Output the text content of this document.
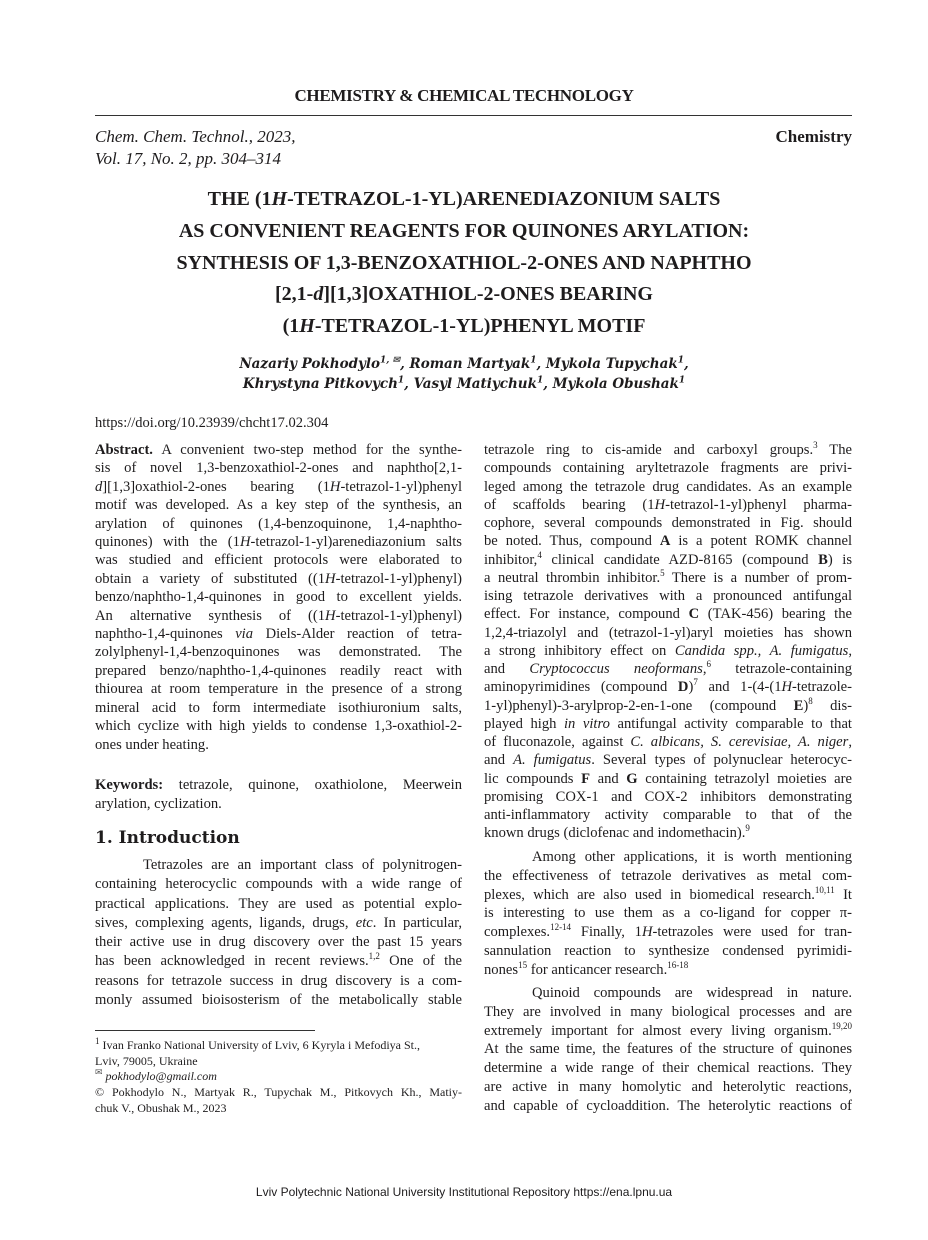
CHEMISTRY & CHEMICAL TECHNOLOGY
Chem. Chem. Technol., 2023,
Vol. 17, No. 2, pp. 304–314
Chemistry
THE (1H-TETRAZOL-1-YL)ARENEDIAZONIUM SALTS
AS CONVENIENT REAGENTS FOR QUINONES ARYLATION:
SYNTHESIS OF 1,3-BENZOXATHIOL-2-ONES AND NAPHTHO
[2,1-d][1,3]OXATHIOL-2-ONES BEARING
(1H-TETRAZOL-1-YL)PHENYL MOTIF
Nazariy Pokhodylo$^{1,}$ ✉, Roman Martyak$^1$, Mykola Tupychak$^1$,
Khrystyna Pitkovych$^1$, Vasyl Matiychuk$^1$, Mykola Obushak$^1$
https://doi.org/10.23939/chcht17.02.304
Abstract. A convenient two-step method for the synthe-
sis of novel 1,3-benzoxathiol-2-ones and naphtho[2,1-
d][1,3]oxathiol-2-ones bearing (1H-tetrazol-1-yl)phenyl
motif was developed. As a key step of the synthesis, an
arylation of quinones (1,4-benzoquinone, 1,4-naphtho-
quinones) with the (1H-tetrazol-1-yl)arenediazonium salts
was studied and efficient protocols were elaborated to
obtain a variety of substituted ((1H-tetrazol-1-yl)phenyl)
benzo/naphtho-1,4-quinones in good to excellent yields.
An alternative synthesis of ((1H-tetrazol-1-yl)phenyl)
naphtho-1,4-quinones via Diels-Alder reaction of tetra-
zolylphenyl-1,4-benzoquinones was demonstrated. The
prepared benzo/naphtho-1,4-quinones readily react with
thiourea at room temperature in the presence of a strong
mineral acid to form intermediate isothiuronium salts,
which cyclize with high yields to condense 1,3-oxathiol-2-
ones under heating.
Keywords: tetrazole, quinone, oxathiolone, Meerwein
arylation, cyclization.
1. Introduction
Tetrazoles are an important class of polynitrogen-
containing heterocyclic compounds with a wide range of
practical applications. They are used as potential explo-
sives, complexing agents, ligands, drugs, etc. In particular,
their active use in drug discovery over the past 15 years
has been acknowledged in recent reviews.$^{1,2}$ One of the
reasons for tetrazole success in drug discovery is a com-
monly assumed bioisosterism of the metabolically stable
tetrazole ring to cis-amide and carboxyl groups.$^3$ The
compounds containing aryltetrazole fragments are privi-
leged among the tetrazole drug candidates. As an example
of scaffolds bearing (1H-tetrazol-1-yl)phenyl pharma-
cophore, several compounds demonstrated in Fig. should
be noted. Thus, compound A is a potent ROMK channel
inhibitor,$^4$ clinical candidate AZD-8165 (compound B) is
a neutral thrombin inhibitor.$^5$ There is a number of prom-
ising tetrazole derivatives with a pronounced antifungal
effect. For instance, compound C (TAK-456) bearing the
1,2,4-triazolyl and (tetrazol-1-yl)aryl moieties has shown
a strong inhibitory effect on Candida spp., A. fumigatus,
and Cryptococcus neoformans,$^6$ tetrazole-containing
aminopyrimidines (compound D)$^7$ and 1-(4-(1H-tetrazole-
1-yl)phenyl)-3-arylprop-2-en-1-one (compound E)$^8$ dis-
played high in vitro antifungal activity comparable to that
of fluconazole, against C. albicans, S. cerevisiae, A. niger,
and A. fumigatus. Several types of polynuclear heterocyc-
lic compounds F and G containing tetrazolyl moieties are
promising COX-1 and COX-2 inhibitors demonstrating
anti-inflammatory activity comparable to that of the
known drugs (diclofenac and indomethacin).$^9$
Among other applications, it is worth mentioning
the effectiveness of tetrazole derivatives as metal com-
plexes, which are also used in biomedical research.$^{10,11}$ It
is interesting to use them as a co-ligand for copper π-
complexes.$^{12-14}$ Finally, 1H-tetrazoles were used for tran-
sannulation reaction to synthesize condensed pyrimidi-
nones$^{15}$ for anticancer research.$^{16-18}$
Quinoid compounds are widespread in nature.
They are involved in many biological processes and are
extremely important for almost every living organism.$^{19,20}$
At the same time, the features of the structure of quinones
determine a wide range of their chemical reactions. They
are active in many homolytic and heterolytic reactions,
and capable of cycloaddition. The heterolytic reactions of
$^1$ Ivan Franko National University of Lviv, 6 Kyryla i Mefodiya St.,
Lviv, 79005, Ukraine
✉ pokhodylo@gmail.com
© Pokhodylo N., Martyak R., Tupychak M., Pitkovych Kh., Matiy-
chuk V., Obushak M., 2023
Lviv Polytechnic National University Institutional Repository https://ena.lpnu.ua
